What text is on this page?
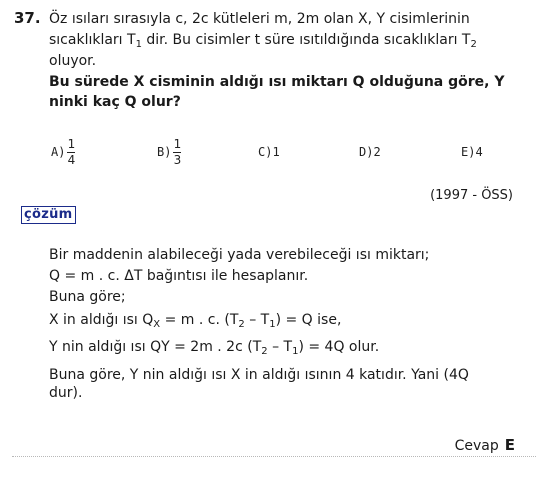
37. Öz ısıları sırasıyla c, 2c kütleleri m, 2m olan X, Y cisimlerinin
sıcaklıkları $T_1$ dir. Bu cisimler t süre ısıtıldığında sıcaklıkları $T_2$
oluyor.
Bu sürede X cisminin aldığı ısı miktarı Q olduğuna göre, Y
ninki kaç Q olur?
$A) \frac{1}{4}$	$B) \frac{1}{3}$	C) 1	D) 2	E) 4
(1997 - ÖSS)
çözüm
Bir maddenin alabileceği yada verebileceği ısı miktarı;
Q = m . c. ΔT bağıntısı ile hesaplanır.
Buna göre;
X in aldığı ısı $Q_X = m$ . c. $(T_2 - T_1) = Q$ ise,
Y nin aldığı ısı QY = 2m . 2c $(T_2 - T_1) = 4Q$ olur.
Buna göre, Y nin aldığı ısı X in aldığı ısının 4 katıdır. Yani (4Q
dur).
Cevap E
